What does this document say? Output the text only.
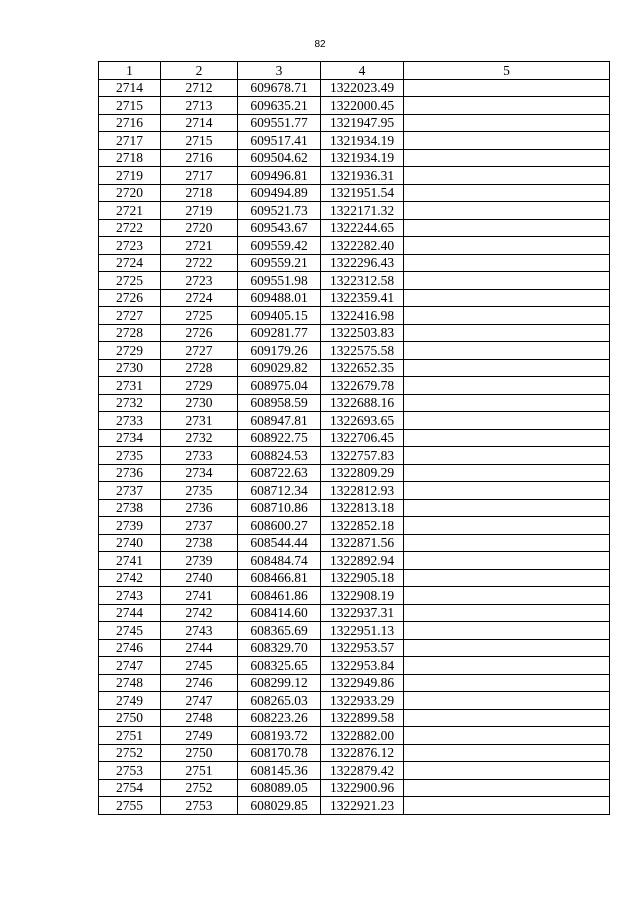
82
1	2	3	4	5
2714	2712	609678.71	1322023.49	
2715	2713	609635.21	1322000.45	
2716	2714	609551.77	1321947.95	
2717	2715	609517.41	1321934.19	
2718	2716	609504.62	1321934.19	
2719	2717	609496.81	1321936.31	
2720	2718	609494.89	1321951.54	
2721	2719	609521.73	1322171.32	
2722	2720	609543.67	1322244.65	
2723	2721	609559.42	1322282.40	
2724	2722	609559.21	1322296.43	
2725	2723	609551.98	1322312.58	
2726	2724	609488.01	1322359.41	
2727	2725	609405.15	1322416.98	
2728	2726	609281.77	1322503.83	
2729	2727	609179.26	1322575.58	
2730	2728	609029.82	1322652.35	
2731	2729	608975.04	1322679.78	
2732	2730	608958.59	1322688.16	
2733	2731	608947.81	1322693.65	
2734	2732	608922.75	1322706.45	
2735	2733	608824.53	1322757.83	
2736	2734	608722.63	1322809.29	
2737	2735	608712.34	1322812.93	
2738	2736	608710.86	1322813.18	
2739	2737	608600.27	1322852.18	
2740	2738	608544.44	1322871.56	
2741	2739	608484.74	1322892.94	
2742	2740	608466.81	1322905.18	
2743	2741	608461.86	1322908.19	
2744	2742	608414.60	1322937.31	
2745	2743	608365.69	1322951.13	
2746	2744	608329.70	1322953.57	
2747	2745	608325.65	1322953.84	
2748	2746	608299.12	1322949.86	
2749	2747	608265.03	1322933.29	
2750	2748	608223.26	1322899.58	
2751	2749	608193.72	1322882.00	
2752	2750	608170.78	1322876.12	
2753	2751	608145.36	1322879.42	
2754	2752	608089.05	1322900.96	
2755	2753	608029.85	1322921.23	
